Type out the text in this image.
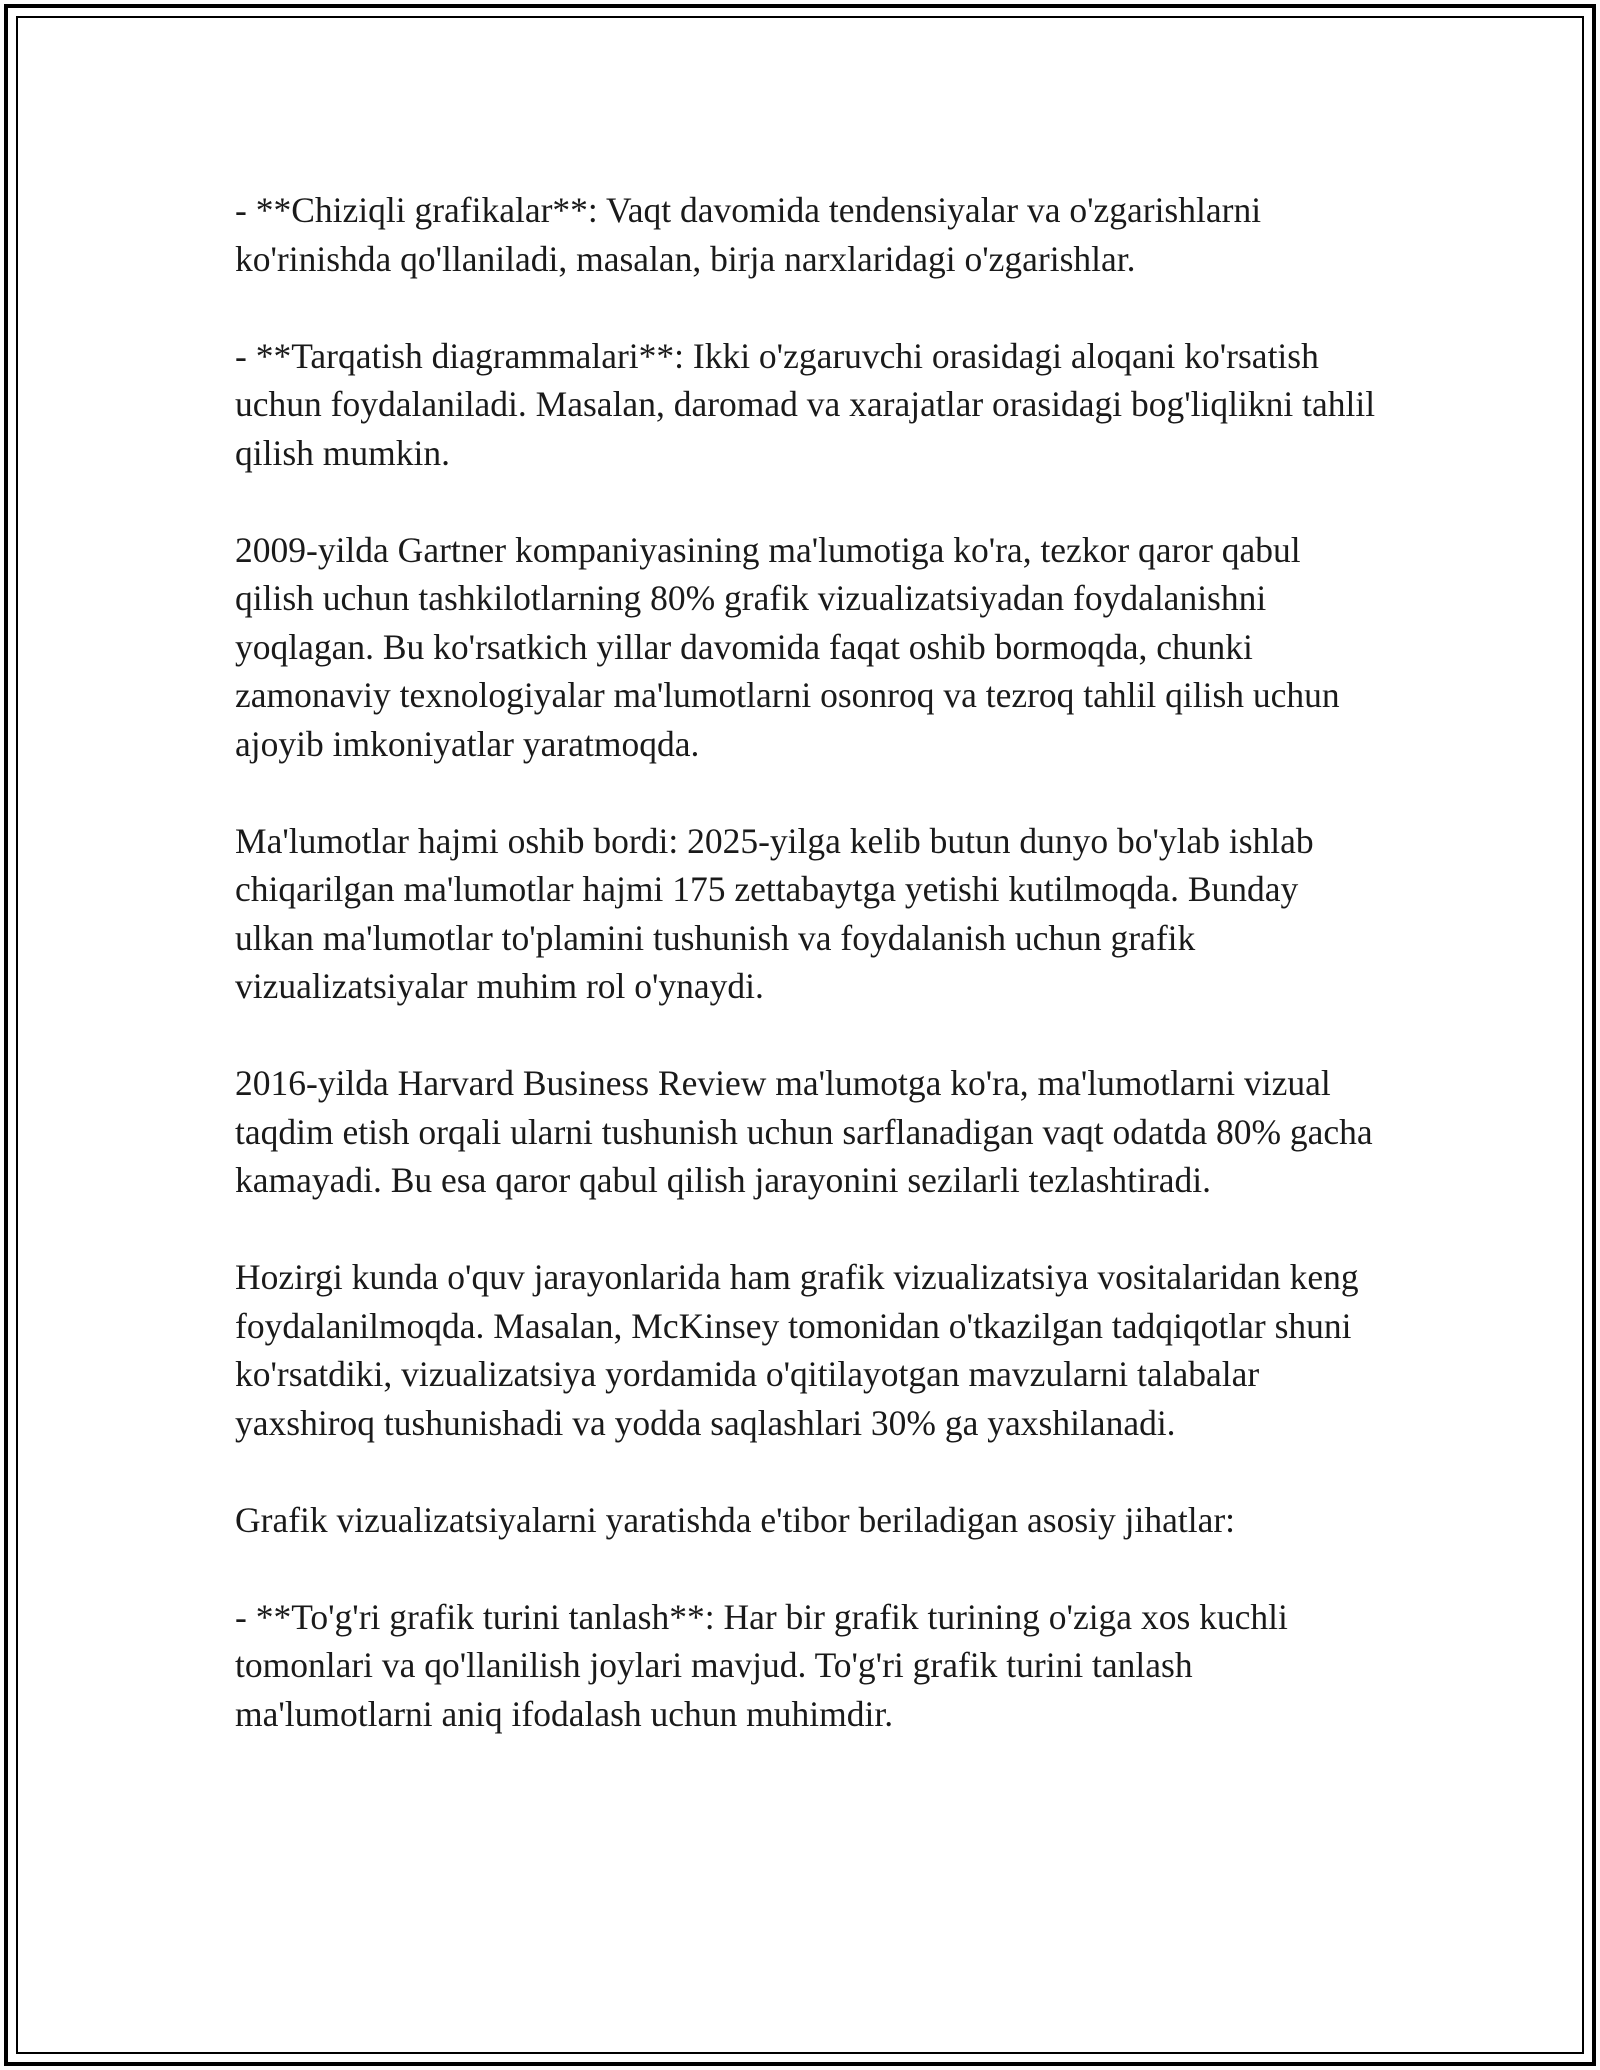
- **Chiziqli grafikalar**: Vaqt davomida tendensiyalar va o'zgarishlarni ko'rinishda qo'llaniladi, masalan, birja narxlaridagi o'zgarishlar.

- **Tarqatish diagrammalari**: Ikki o'zgaruvchi orasidagi aloqani ko'rsatish uchun foydalaniladi. Masalan, daromad va xarajatlar orasidagi bog'liqlikni tahlil qilish mumkin.

2009-yilda Gartner kompaniyasining ma'lumotiga ko'ra, tezkor qaror qabul qilish uchun tashkilotlarning 80% grafik vizualizatsiyadan foydalanishni yoqlagan. Bu ko'rsatkich yillar davomida faqat oshib bormoqda, chunki zamonaviy texnologiyalar ma'lumotlarni osonroq va tezroq tahlil qilish uchun ajoyib imkoniyatlar yaratmoqda.

Ma'lumotlar hajmi oshib bordi: 2025-yilga kelib butun dunyo bo'ylab ishlab chiqarilgan ma'lumotlar hajmi 175 zettabaytga yetishi kutilmoqda. Bunday ulkan ma'lumotlar to'plamini tushunish va foydalanish uchun grafik vizualizatsiyalar muhim rol o'ynaydi.

2016-yilda Harvard Business Review ma'lumotga ko'ra, ma'lumotlarni vizual taqdim etish orqali ularni tushunish uchun sarflanadigan vaqt odatda 80% gacha kamayadi. Bu esa qaror qabul qilish jarayonini sezilarli tezlashtiradi.

Hozirgi kunda o'quv jarayonlarida ham grafik vizualizatsiya vositalaridan keng foydalanilmoqda. Masalan, McKinsey tomonidan o'tkazilgan tadqiqotlar shuni ko'rsatdiki, vizualizatsiya yordamida o'qitilayotgan mavzularni talabalar yaxshiroq tushunishadi va yodda saqlashlari 30% ga yaxshilanadi.

Grafik vizualizatsiyalarni yaratishda e'tibor beriladigan asosiy jihatlar:

- **To'g'ri grafik turini tanlash**: Har bir grafik turining o'ziga xos kuchli tomonlari va qo'llanilish joylari mavjud. To'g'ri grafik turini tanlash ma'lumotlarni aniq ifodalash uchun muhimdir.
